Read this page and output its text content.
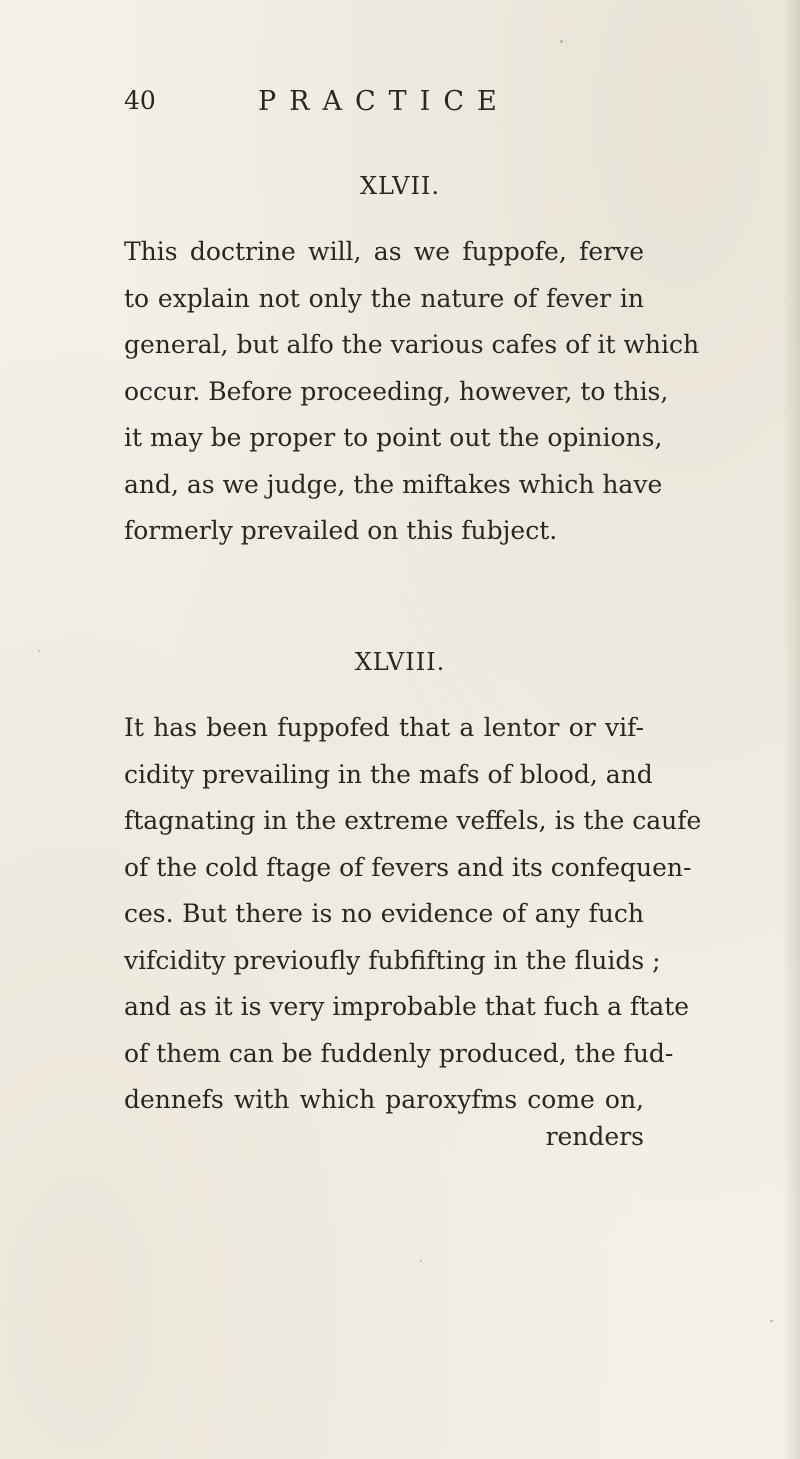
40	PRACTICE
XLVII.
This doctrine will, as we fuppofe, ferve
to explain not only the nature of fever in
general, but alfo the various cafes of it which
occur. Before proceeding, however, to this,
it may be proper to point out the opinions,
and, as we judge, the miftakes which have
formerly prevailed on this fubject.
XLVIII.
It has been fuppofed that a lentor or vif-
cidity prevailing in the mafs of blood, and
ftagnating in the extreme veffels, is the caufe
of the cold ftage of fevers and its confequen-
ces. But there is no evidence of any fuch
vifcidity previoufly fubfifting in the fluids ;
and as it is very improbable that fuch a ftate
of them can be fuddenly produced, the fud-
dennefs with which paroxyfms come on,
renders
